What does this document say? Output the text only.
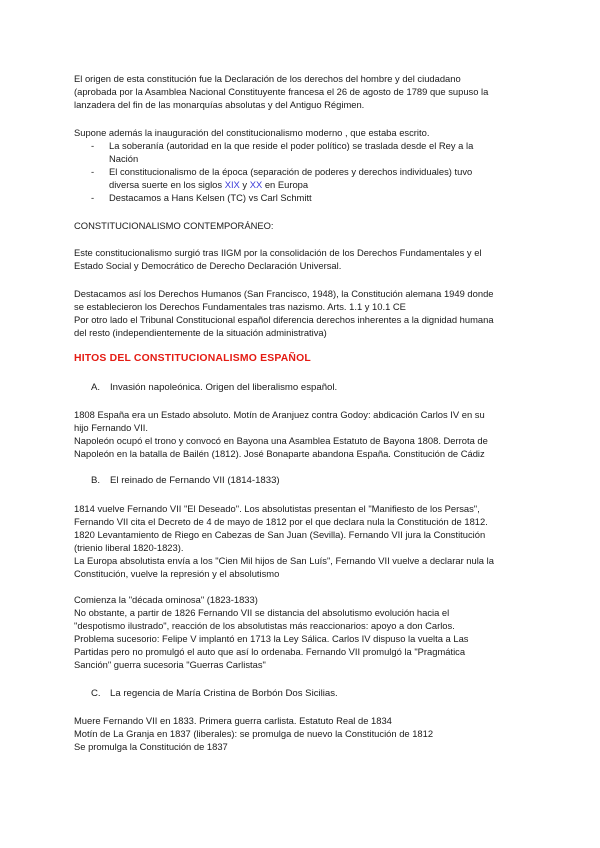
El origen de esta constitución fue la Declaración de los derechos del hombre y del ciudadano
(aprobada por la Asamblea Nacional Constituyente francesa el 26 de agosto de 1789 que supuso la
lanzadera del fin de las monarquías absolutas y del Antiguo Régimen.

Supone además la inauguración del constitucionalismo moderno , que estaba escrito.

- La soberanía (autoridad en la que reside el poder político) se traslada desde el Rey a la
Nación

- El constitucionalismo de la época (separación de poderes y derechos individuales) tuvo
diversa suerte en los siglos XIX y XX en Europa

- Destacamos a Hans Kelsen (TC) vs Carl Schmitt

CONSTITUCIONALISMO CONTEMPORÁNEO:

Este constitucionalismo surgió tras IIGM por la consolidación de los Derechos Fundamentales y el
Estado Social y Democrático de Derecho Declaración Universal.

Destacamos así los Derechos Humanos (San Francisco, 1948), la Constitución alemana 1949 donde
se establecieron los Derechos Fundamentales tras nazismo. Arts. 1.1 y 10.1 CE
Por otro lado el Tribunal Constitucional español diferencia derechos inherentes a la dignidad humana
del resto (independientemente de la situación administrativa)

HITOS DEL CONSTITUCIONALISMO ESPAÑOL

A. Invasión napoleónica. Origen del liberalismo español.

1808 España era un Estado absoluto. Motín de Aranjuez contra Godoy: abdicación Carlos IV en su
hijo Fernando VII.
Napoleón ocupó el trono y convocó en Bayona una Asamblea Estatuto de Bayona 1808. Derrota de
Napoleón en la batalla de Bailén (1812). José Bonaparte abandona España. Constitución de Cádiz

B. El reinado de Fernando VII (1814-1833)

1814 vuelve Fernando VII "El Deseado". Los absolutistas presentan el "Manifiesto de los Persas",
Fernando VII cita el Decreto de 4 de mayo de 1812 por el que declara nula la Constitución de 1812.
1820 Levantamiento de Riego en Cabezas de San Juan (Sevilla). Fernando VII jura la Constitución
(trienio liberal 1820-1823).
La Europa absolutista envía a los "Cien Mil hijos de San Luís", Fernando VII vuelve a declarar nula la
Constitución, vuelve la represión y el absolutismo

Comienza la "década ominosa" (1823-1833)
No obstante, a partir de 1826 Fernando VII se distancia del absolutismo evolución hacia el
"despotismo ilustrado", reacción de los absolutistas más reaccionarios: apoyo a don Carlos.
Problema sucesorio: Felipe V implantó en 1713 la Ley Sálica. Carlos IV dispuso la vuelta a Las
Partidas pero no promulgó el auto que así lo ordenaba. Fernando VII promulgó la "Pragmática
Sanción" guerra sucesoria "Guerras Carlistas"

C. La regencia de María Cristina de Borbón Dos Sicilias.

Muere Fernando VII en 1833. Primera guerra carlista. Estatuto Real de 1834
Motín de La Granja en 1837 (liberales): se promulga de nuevo la Constitución de 1812
Se promulga la Constitución de 1837
